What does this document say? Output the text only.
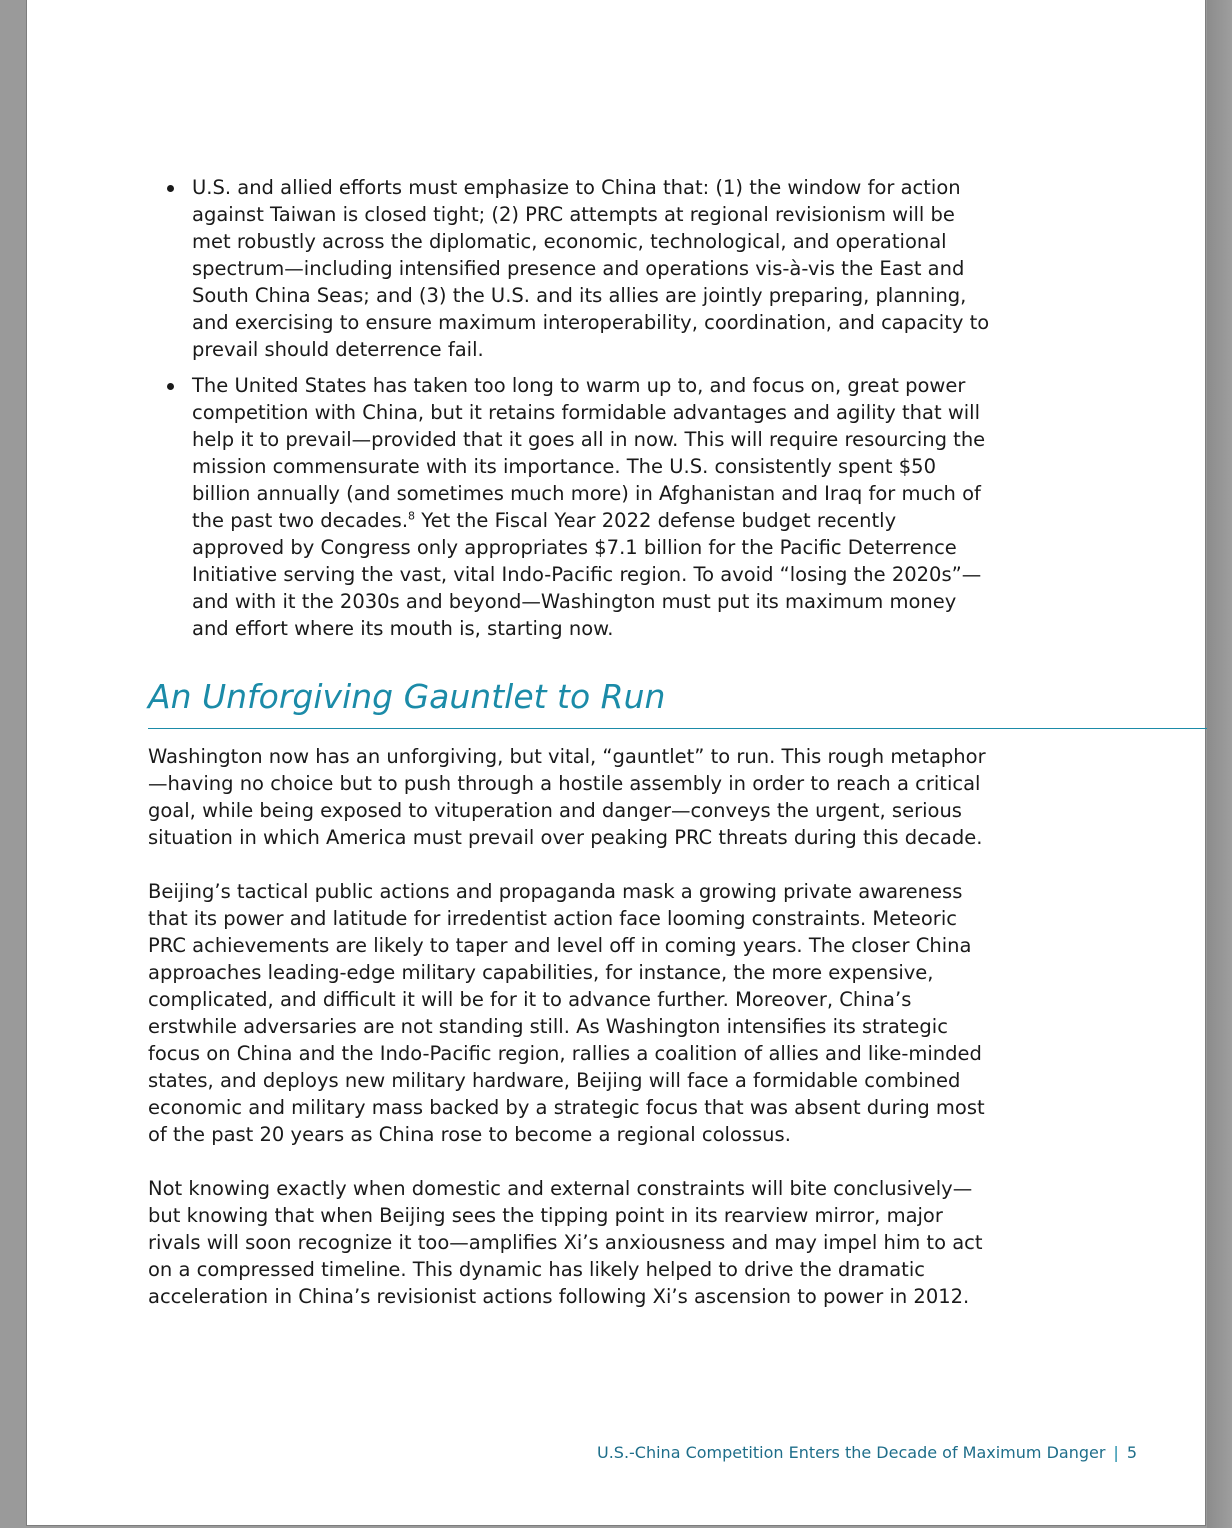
U.S. and allied efforts must emphasize to China that: (1) the window for action against Taiwan is closed tight; (2) PRC attempts at regional revisionism will be met robustly across the diplomatic, economic, technological, and operational spectrum—including intensified presence and operations vis-à-vis the East and South China Seas; and (3) the U.S. and its allies are jointly preparing, planning, and exercising to ensure maximum interoperability, coordination, and capacity to prevail should deterrence fail.
The United States has taken too long to warm up to, and focus on, great power competition with China, but it retains formidable advantages and agility that will help it to prevail—provided that it goes all in now. This will require resourcing the mission commensurate with its importance. The U.S. consistently spent $50 billion annually (and sometimes much more) in Afghanistan and Iraq for much of the past two decades.$^8$ Yet the Fiscal Year 2022 defense budget recently approved by Congress only appropriates $7.1 billion for the Pacific Deterrence Initiative serving the vast, vital Indo-Pacific region. To avoid “losing the 2020s”—and with it the 2030s and beyond—Washington must put its maximum money and effort where its mouth is, starting now.
An Unforgiving Gauntlet to Run

Washington now has an unforgiving, but vital, “gauntlet” to run. This rough metaphor—having no choice but to push through a hostile assembly in order to reach a critical goal, while being exposed to vituperation and danger—conveys the urgent, serious situation in which America must prevail over peaking PRC threats during this decade.

Beijing’s tactical public actions and propaganda mask a growing private awareness that its power and latitude for irredentist action face looming constraints. Meteoric PRC achievements are likely to taper and level off in coming years. The closer China approaches leading-edge military capabilities, for instance, the more expensive, complicated, and difficult it will be for it to advance further. Moreover, China’s erstwhile adversaries are not standing still. As Washington intensifies its strategic focus on China and the Indo-Pacific region, rallies a coalition of allies and like-minded states, and deploys new military hardware, Beijing will face a formidable combined economic and military mass backed by a strategic focus that was absent during most of the past 20 years as China rose to become a regional colossus.

Not knowing exactly when domestic and external constraints will bite conclusively—but knowing that when Beijing sees the tipping point in its rearview mirror, major rivals will soon recognize it too—amplifies Xi’s anxiousness and may impel him to act on a compressed timeline. This dynamic has likely helped to drive the dramatic acceleration in China’s revisionist actions following Xi’s ascension to power in 2012.

U.S.-China Competition Enters the Decade of Maximum Danger | 5
